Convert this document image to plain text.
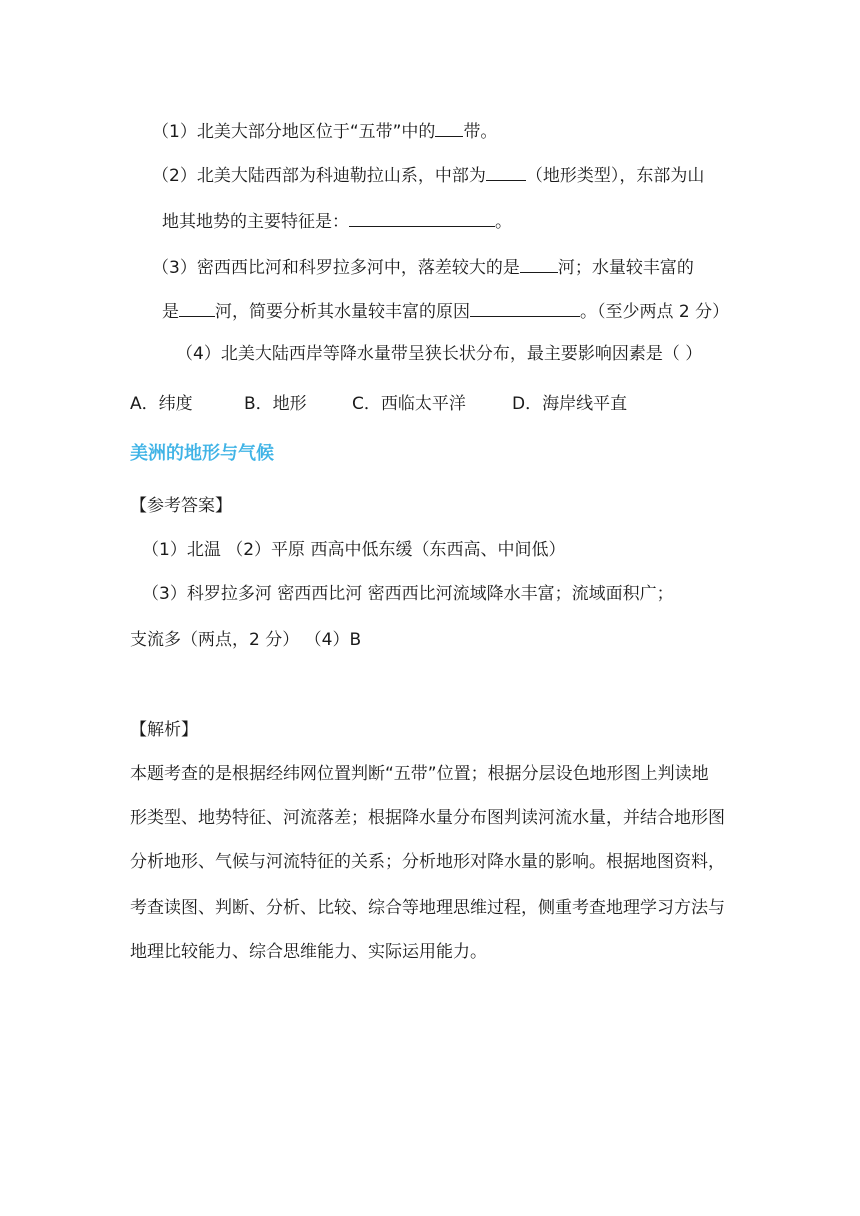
（1）北美大部分地区位于“五带”中的 带。
（2）北美大陆西部为科迪勒拉山系，中部为 （地形类型），东部为山
地其地势的主要特征是：	。
（3）密西西比河和科罗拉多河中，落差较大的是 河；水量较丰富的
是 河，简要分析其水量较丰富的原因	。（至少两点 2 分）
（4）北美大陆西岸等降水量带呈狭长状分布，最主要影响因素是（ ）
A．纬度	B．地形	C．西临太平洋	D．海岸线平直
美洲的地形与气候
【参考答案】
（1）北温 （2）平原 西高中低东缓（东西高、中间低）
（3）科罗拉多河 密西西比河 密西西比河流域降水丰富；流域面积广；
支流多（两点，2 分） （4）B
【解析】
本题考查的是根据经纬网位置判断“五带”位置；根据分层设色地形图上判读地
形类型、地势特征、河流落差；根据降水量分布图判读河流水量，并结合地形图
分析地形、气候与河流特征的关系；分析地形对降水量的影响。根据地图资料，
考查读图、判断、分析、比较、综合等地理思维过程，侧重考查地理学习方法与
地理比较能力、综合思维能力、实际运用能力。
